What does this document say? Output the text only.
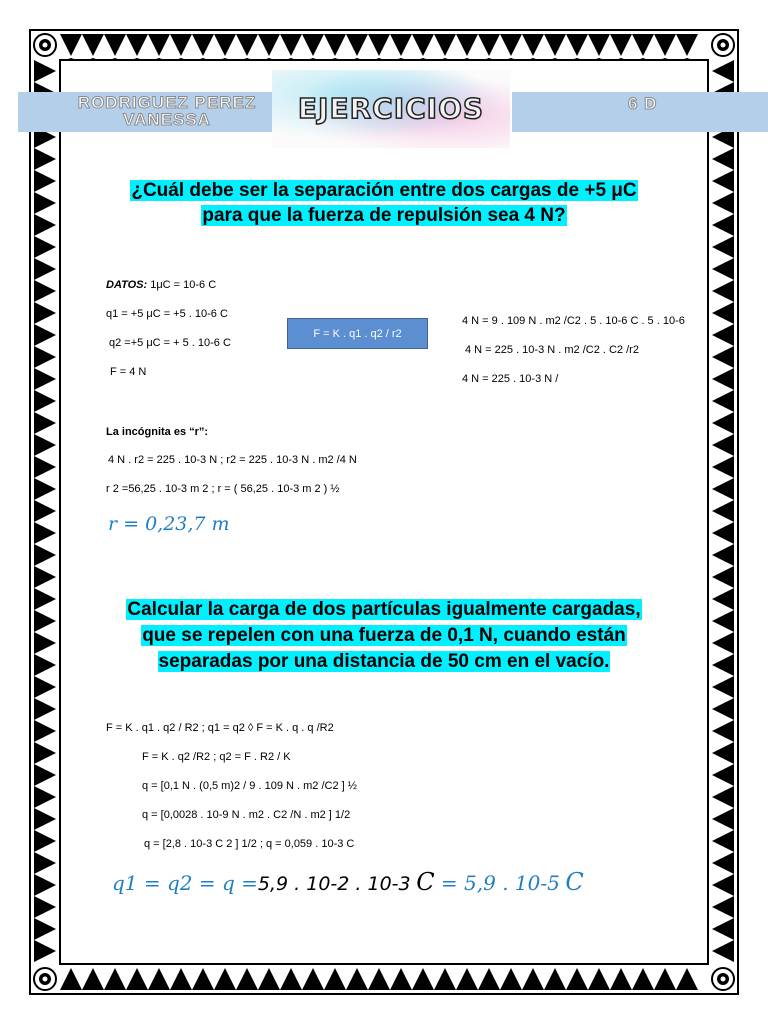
RODRIGUEZ PEREZ
VANESSA	EJERCICIOS	6 D
¿Cuál debe ser la separación entre dos cargas de +5 μC
para que la fuerza de repulsión sea 4 N?
DATOS: 1μC = 10-6 C
q1 = +5 μC = +5 . 10-6 C
q2 =+5 μC = + 5 . 10-6 C
F = 4 N
F = K . q1 . q2 / r2
4 N = 9 . 109 N . m2 /C2 . 5 . 10-6 C . 5 . 10-6
4 N = 225 . 10-3 N . m2 /C2 . C2 /r2
4 N = 225 . 10-3 N /
La incógnita es “r”:
4 N . r2 = 225 . 10-3 N ; r2 = 225 . 10-3 N . m2 /4 N
r 2 =56,25 . 10-3 m 2 ; r = ( 56,25 . 10-3 m 2 ) ½
r = 0,23,7 m
Calcular la carga de dos partículas igualmente cargadas,
que se repelen con una fuerza de 0,1 N, cuando están
separadas por una distancia de 50 cm en el vacío.
F = K . q1 . q2 / R2 ; q1 = q2 ◊ F = K . q . q /R2
F = K . q2 /R2 ; q2 = F . R2 / K
q = [0,1 N . (0,5 m)2 / 9 . 109 N . m2 /C2 ] ½
q = [0,0028 . 10-9 N . m2 . C2 /N . m2 ] 1/2
q = [2,8 . 10-3 C 2 ] 1/2 ; q = 0,059 . 10-3 C
q1 = q2 = q =5,9 . 10-2 . 10-3 C = 5,9 . 10-5 C
